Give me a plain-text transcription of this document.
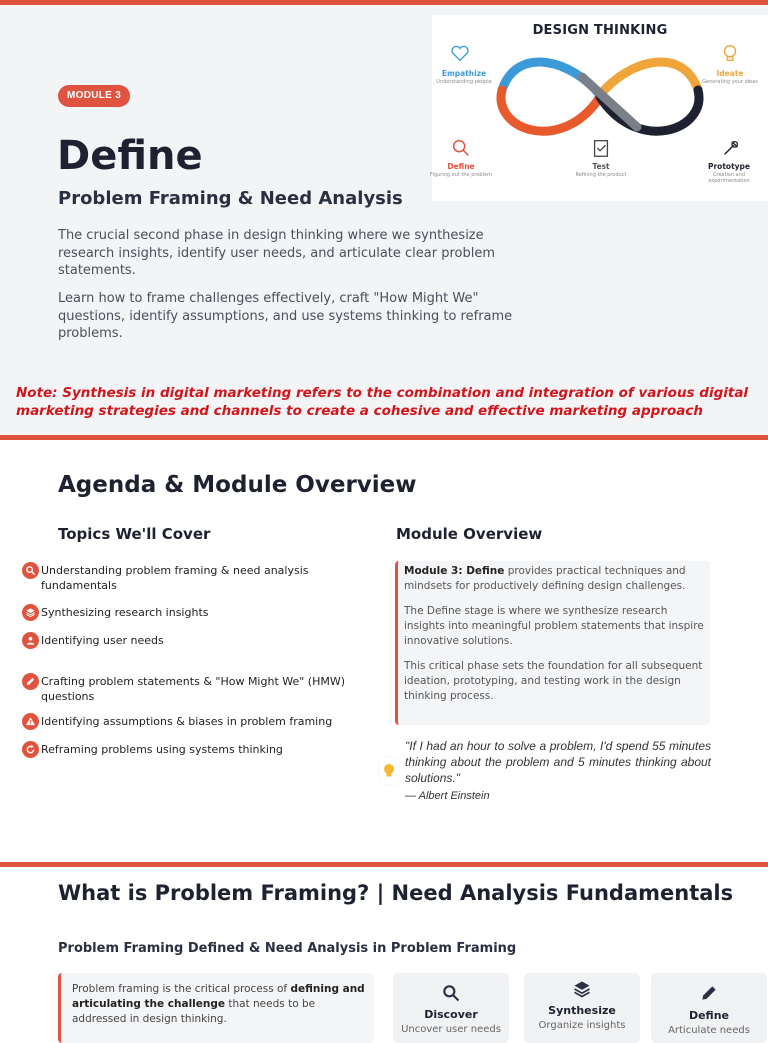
MODULE 3
Define
Problem Framing & Need Analysis

The crucial second phase in design thinking where we synthesize research insights, identify user needs, and articulate clear problem statements.

Learn how to frame challenges effectively, craft "How Might We" questions, identify assumptions, and use systems thinking to reframe problems.

Note: Synthesis in digital marketing refers to the combination and integration of various digital marketing strategies and channels to create a cohesive and effective marketing approach

DESIGN THINKING
Empathize
Understanding people
Ideate
Generating your ideas
Define
Figuring out the problem
Test
Refining the product
Prototype
Creation and experimentation
Agenda & Module Overview
Topics We'll Cover	Module Overview
Understanding problem framing & need analysis fundamentals
Synthesizing research insights
Identifying user needs
Crafting problem statements & "How Might We" (HMW) questions
Identifying assumptions & biases in problem framing
Reframing problems using systems thinking

Module 3: Define provides practical techniques and mindsets for productively defining design challenges.

The Define stage is where we synthesize research insights into meaningful problem statements that inspire innovative solutions.

This critical phase sets the foundation for all subsequent ideation, prototyping, and testing work in the design thinking process.

"If I had an hour to solve a problem, I'd spend 55 minutes thinking about the problem and 5 minutes thinking about solutions."

— Albert Einstein

What is Problem Framing? | Need Analysis Fundamentals
Problem Framing Defined & Need Analysis in Problem Framing
Problem framing is the critical process of defining and articulating the challenge that needs to be addressed in design thinking.	Discover
Uncover user needs
Synthesize
Organize insights
Define
Articulate needs
